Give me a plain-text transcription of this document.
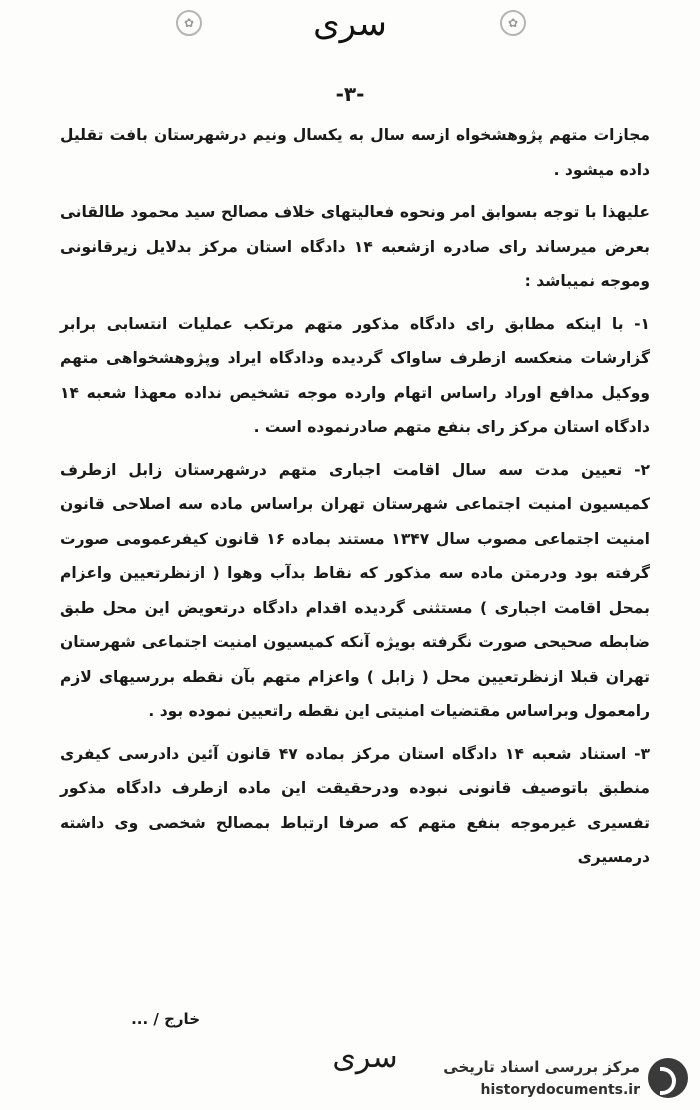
✿	سری	✿
-۳-

مجازات متهم پژوهشخواه ازسه سال به یکسال ونیم درشهرستان بافت تقلیل داده میشود .

علیهذا با توجه بسوابق امر ونحوه فعالیتهای خلاف مصالح سید محمود طالقانی بعرض میرساند رای صادره ازشعبه ۱۴ دادگاه استان مرکز بدلایل زیرقانونی وموجه نمیباشد :

۱- با اینکه مطابق رای دادگاه مذکور متهم مرتکب عملیات انتسابی برابر گزارشات منعکسه ازطرف ساواک گردیده ودادگاه ایراد وپژوهشخواهی متهم ووکیل مدافع اوراد راساس اتهام وارده موجه تشخیص نداده معهذا شعبه ۱۴ دادگاه استان مرکز رای بنفع متهم صادرنموده است .

۲- تعیین مدت سه سال اقامت اجباری متهم درشهرستان زابل ازطرف کمیسیون امنیت اجتماعی شهرستان تهران براساس ماده سه اصلاحی قانون امنیت اجتماعی مصوب سال ۱۳۴۷ مستند بماده ۱۶ قانون کیفرعمومی صورت گرفته بود ودرمتن ماده سه مذکور که نقاط بدآب وهوا ( ازنظرتعیین واعزام بمحل اقامت اجباری ) مستثنی گردیده اقدام دادگاه درتعویض این محل طبق ضابطه صحیحی صورت نگرفته بویژه آنکه کمیسیون امنیت اجتماعی شهرستان تهران قبلا ازنظرتعیین محل ( زابل ) واعزام متهم بآن نقطه بررسیهای لازم رامعمول وبراساس مقتضیات امنیتی این نقطه راتعیین نموده بود .

۳- استناد شعبه ۱۴ دادگاه استان مرکز بماده ۴۷ قانون آئین دادرسی کیفری منطبق باتوصیف قانونی نبوده ودرحقیقت این ماده ازطرف دادگاه مذکور تفسیری غیرموجه بنفع متهم که صرفا ارتباط بمصالح شخصی وی داشته درمسیری

خارج / ...
سری	مرکز بررسی اسناد تاریخی
historydocuments.ir
